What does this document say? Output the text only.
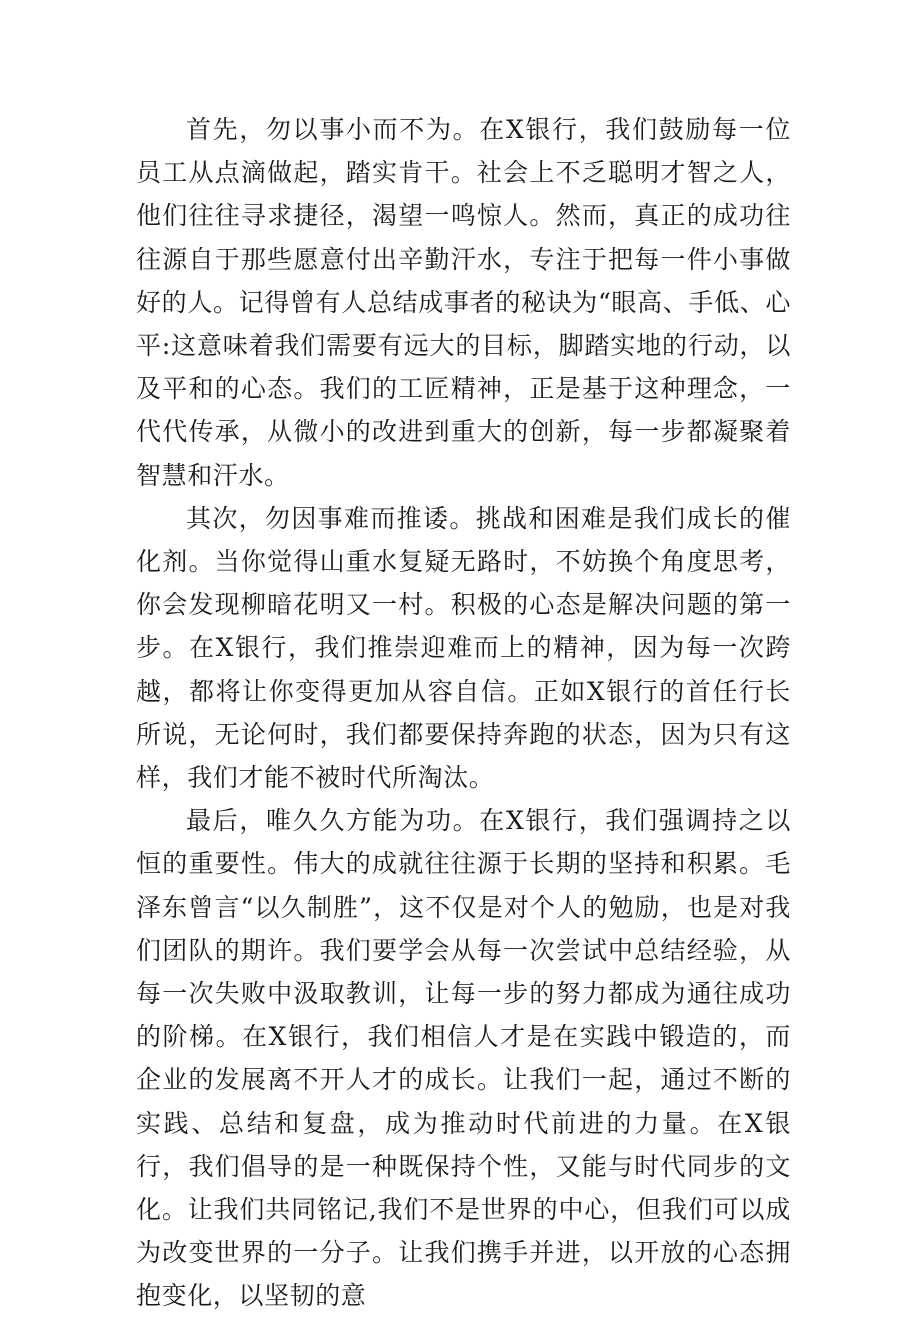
首先，勿以事小而不为。在X银行，我们鼓励每一位员工从点滴做起，踏实肯干。社会上不乏聪明才智之人，他们往往寻求捷径，渴望一鸣惊人。然而，真正的成功往往源自于那些愿意付出辛勤汗水，专注于把每一件小事做好的人。记得曾有人总结成事者的秘诀为“眼高、手低、心平:这意味着我们需要有远大的目标，脚踏实地的行动，以及平和的心态。我们的工匠精神，正是基于这种理念，一代代传承，从微小的改进到重大的创新，每一步都凝聚着智慧和汗水。

其次，勿因事难而推诿。挑战和困难是我们成长的催化剂。当你觉得山重水复疑无路时，不妨换个角度思考，你会发现柳暗花明又一村。积极的心态是解决问题的第一步。在X银行，我们推崇迎难而上的精神，因为每一次跨越，都将让你变得更加从容自信。正如X银行的首任行长所说，无论何时，我们都要保持奔跑的状态，因为只有这样，我们才能不被时代所淘汰。

最后，唯久久方能为功。在X银行，我们强调持之以恒的重要性。伟大的成就往往源于长期的坚持和积累。毛泽东曾言“以久制胜”，这不仅是对个人的勉励，也是对我们团队的期许。我们要学会从每一次尝试中总结经验，从每一次失败中汲取教训，让每一步的努力都成为通往成功的阶梯。在X银行，我们相信人才是在实践中锻造的，而企业的发展离不开人才的成长。让我们一起，通过不断的实践、总结和复盘，成为推动时代前进的力量。在X银行，我们倡导的是一种既保持个性，又能与时代同步的文化。让我们共同铭记,我们不是世界的中心，但我们可以成为改变世界的一分子。让我们携手并进，以开放的心态拥抱变化，以坚韧的意
